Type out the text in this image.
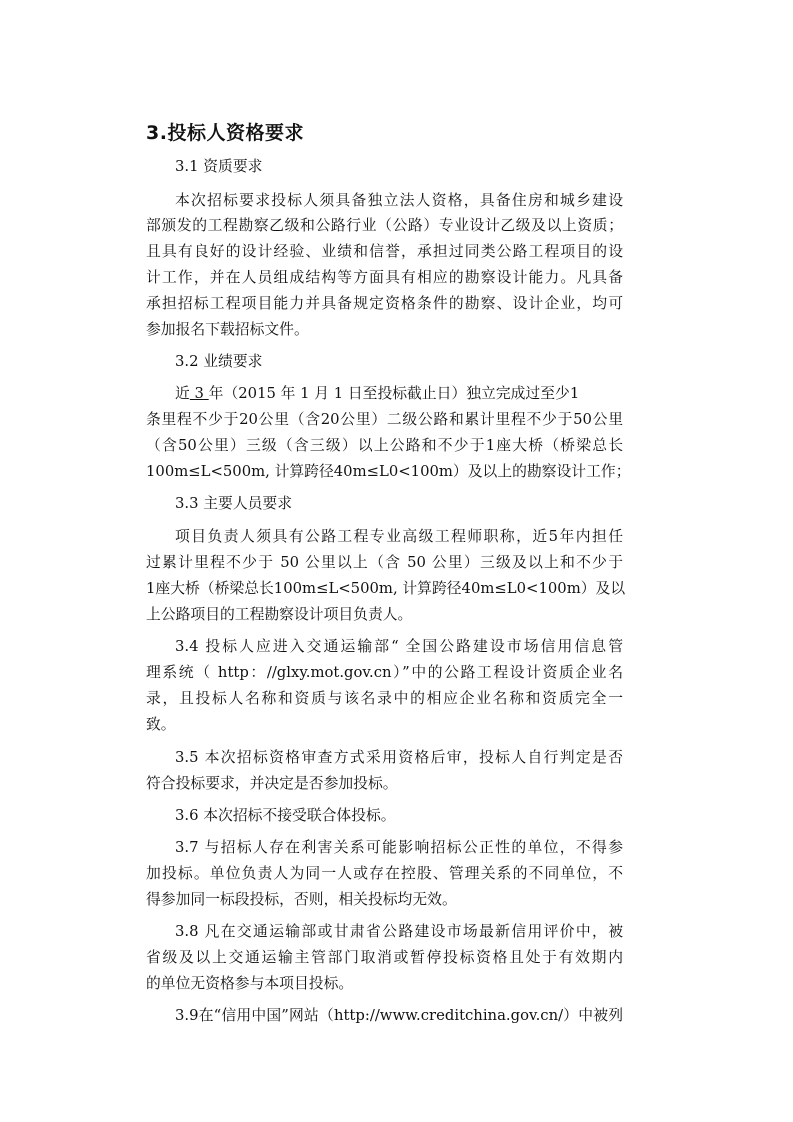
3.投标人资格要求

3.1 资质要求

本次招标要求投标人须具备独立法人资格，具备住房和城乡建设

部颁发的工程勘察乙级和公路行业（公路）专业设计乙级及以上资质；

且具有良好的设计经验、业绩和信誉，承担过同类公路工程项目的设

计工作，并在人员组成结构等方面具有相应的勘察设计能力。凡具备

承担招标工程项目能力并具备规定资格条件的勘察、设计企业，均可

参加报名下载招标文件。

3.2 业绩要求

近 3 年（2015 年 1 月 1 日至投标截止日）独立完成过至少1

条里程不少于20公里（含20公里）二级公路和累计里程不少于50公里

（含50公里）三级（含三级）以上公路和不少于1座大桥（桥梁总长

100m≤L<500m, 计算跨径40m≤L0<100m）及以上的勘察设计工作；

3.3 主要人员要求

项目负责人须具有公路工程专业高级工程师职称，近5年内担任

过累计里程不少于 50 公里以上（含 50 公里）三级及以上和不少于

1座大桥（桥梁总长100m≤L<500m, 计算跨径40m≤L0<100m）及以

上公路项目的工程勘察设计项目负责人。

3.4 投标人应进入交通运输部“ 全国公路建设市场信用信息管

理系统（ http：//glxy.mot.gov.cn）”中的公路工程设计资质企业名

录，且投标人名称和资质与该名录中的相应企业名称和资质完全一

致。

3.5 本次招标资格审查方式采用资格后审，投标人自行判定是否

符合投标要求，并决定是否参加投标。

3.6 本次招标不接受联合体投标。

3.7 与招标人存在利害关系可能影响招标公正性的单位，不得参

加投标。单位负责人为同一人或存在控股、管理关系的不同单位，不

得参加同一标段投标，否则，相关投标均无效。

3.8 凡在交通运输部或甘肃省公路建设市场最新信用评价中，被

省级及以上交通运输主管部门取消或暂停投标资格且处于有效期内

的单位无资格参与本项目投标。

3.9在“信用中国”网站（http://www.creditchina.gov.cn/）中被列
